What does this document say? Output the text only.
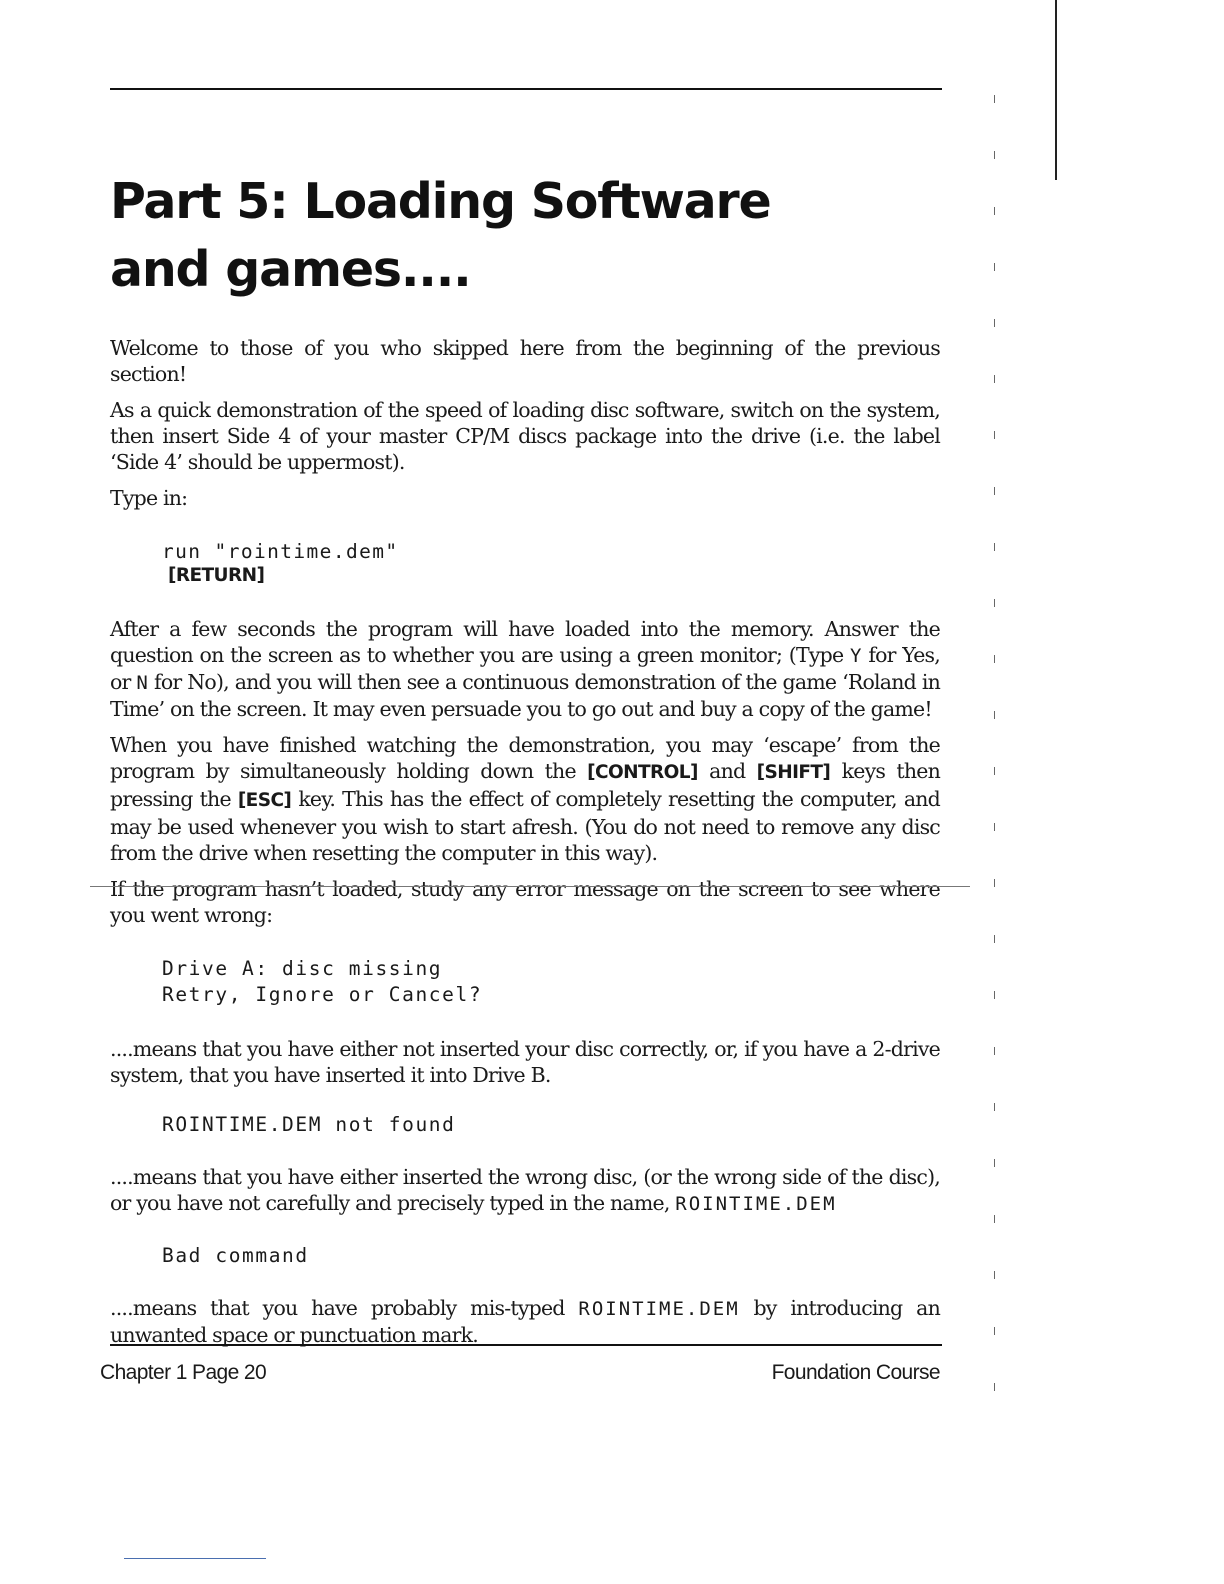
Part 5: Loading Software and games....

Welcome to those of you who skipped here from the beginning of the previous section!

As a quick demonstration of the speed of loading disc software, switch on the system, then insert Side 4 of your master CP/M discs package into the drive (i.e. the label ‘Side 4’ should be uppermost).

Type in:

run "rointime.dem"
[RETURN]

After a few seconds the program will have loaded into the memory. Answer the question on the screen as to whether you are using a green monitor; (Type Y for Yes, or N for No), and you will then see a continuous demonstration of the game ‘Roland in Time’ on the screen. It may even persuade you to go out and buy a copy of the game!

When you have finished watching the demonstration, you may ‘escape’ from the program by simultaneously holding down the [CONTROL] and [SHIFT] keys then pressing the [ESC] key. This has the effect of completely resetting the computer, and may be used whenever you wish to start afresh. (You do not need to remove any disc from the drive when resetting the computer in this way).

If the program hasn’t loaded, study any error message on the screen to see where you went wrong:

Drive A: disc missing
Retry, Ignore or Cancel?

....means that you have either not inserted your disc correctly, or, if you have a 2-drive system, that you have inserted it into Drive B.

ROINTIME.DEM not found

....means that you have either inserted the wrong disc, (or the wrong side of the disc), or you have not carefully and precisely typed in the name, ROINTIME.DEM

Bad command

....means that you have probably mis-typed ROINTIME.DEM by introducing an unwanted space or punctuation mark.

Chapter 1 Page 20	Foundation Course
